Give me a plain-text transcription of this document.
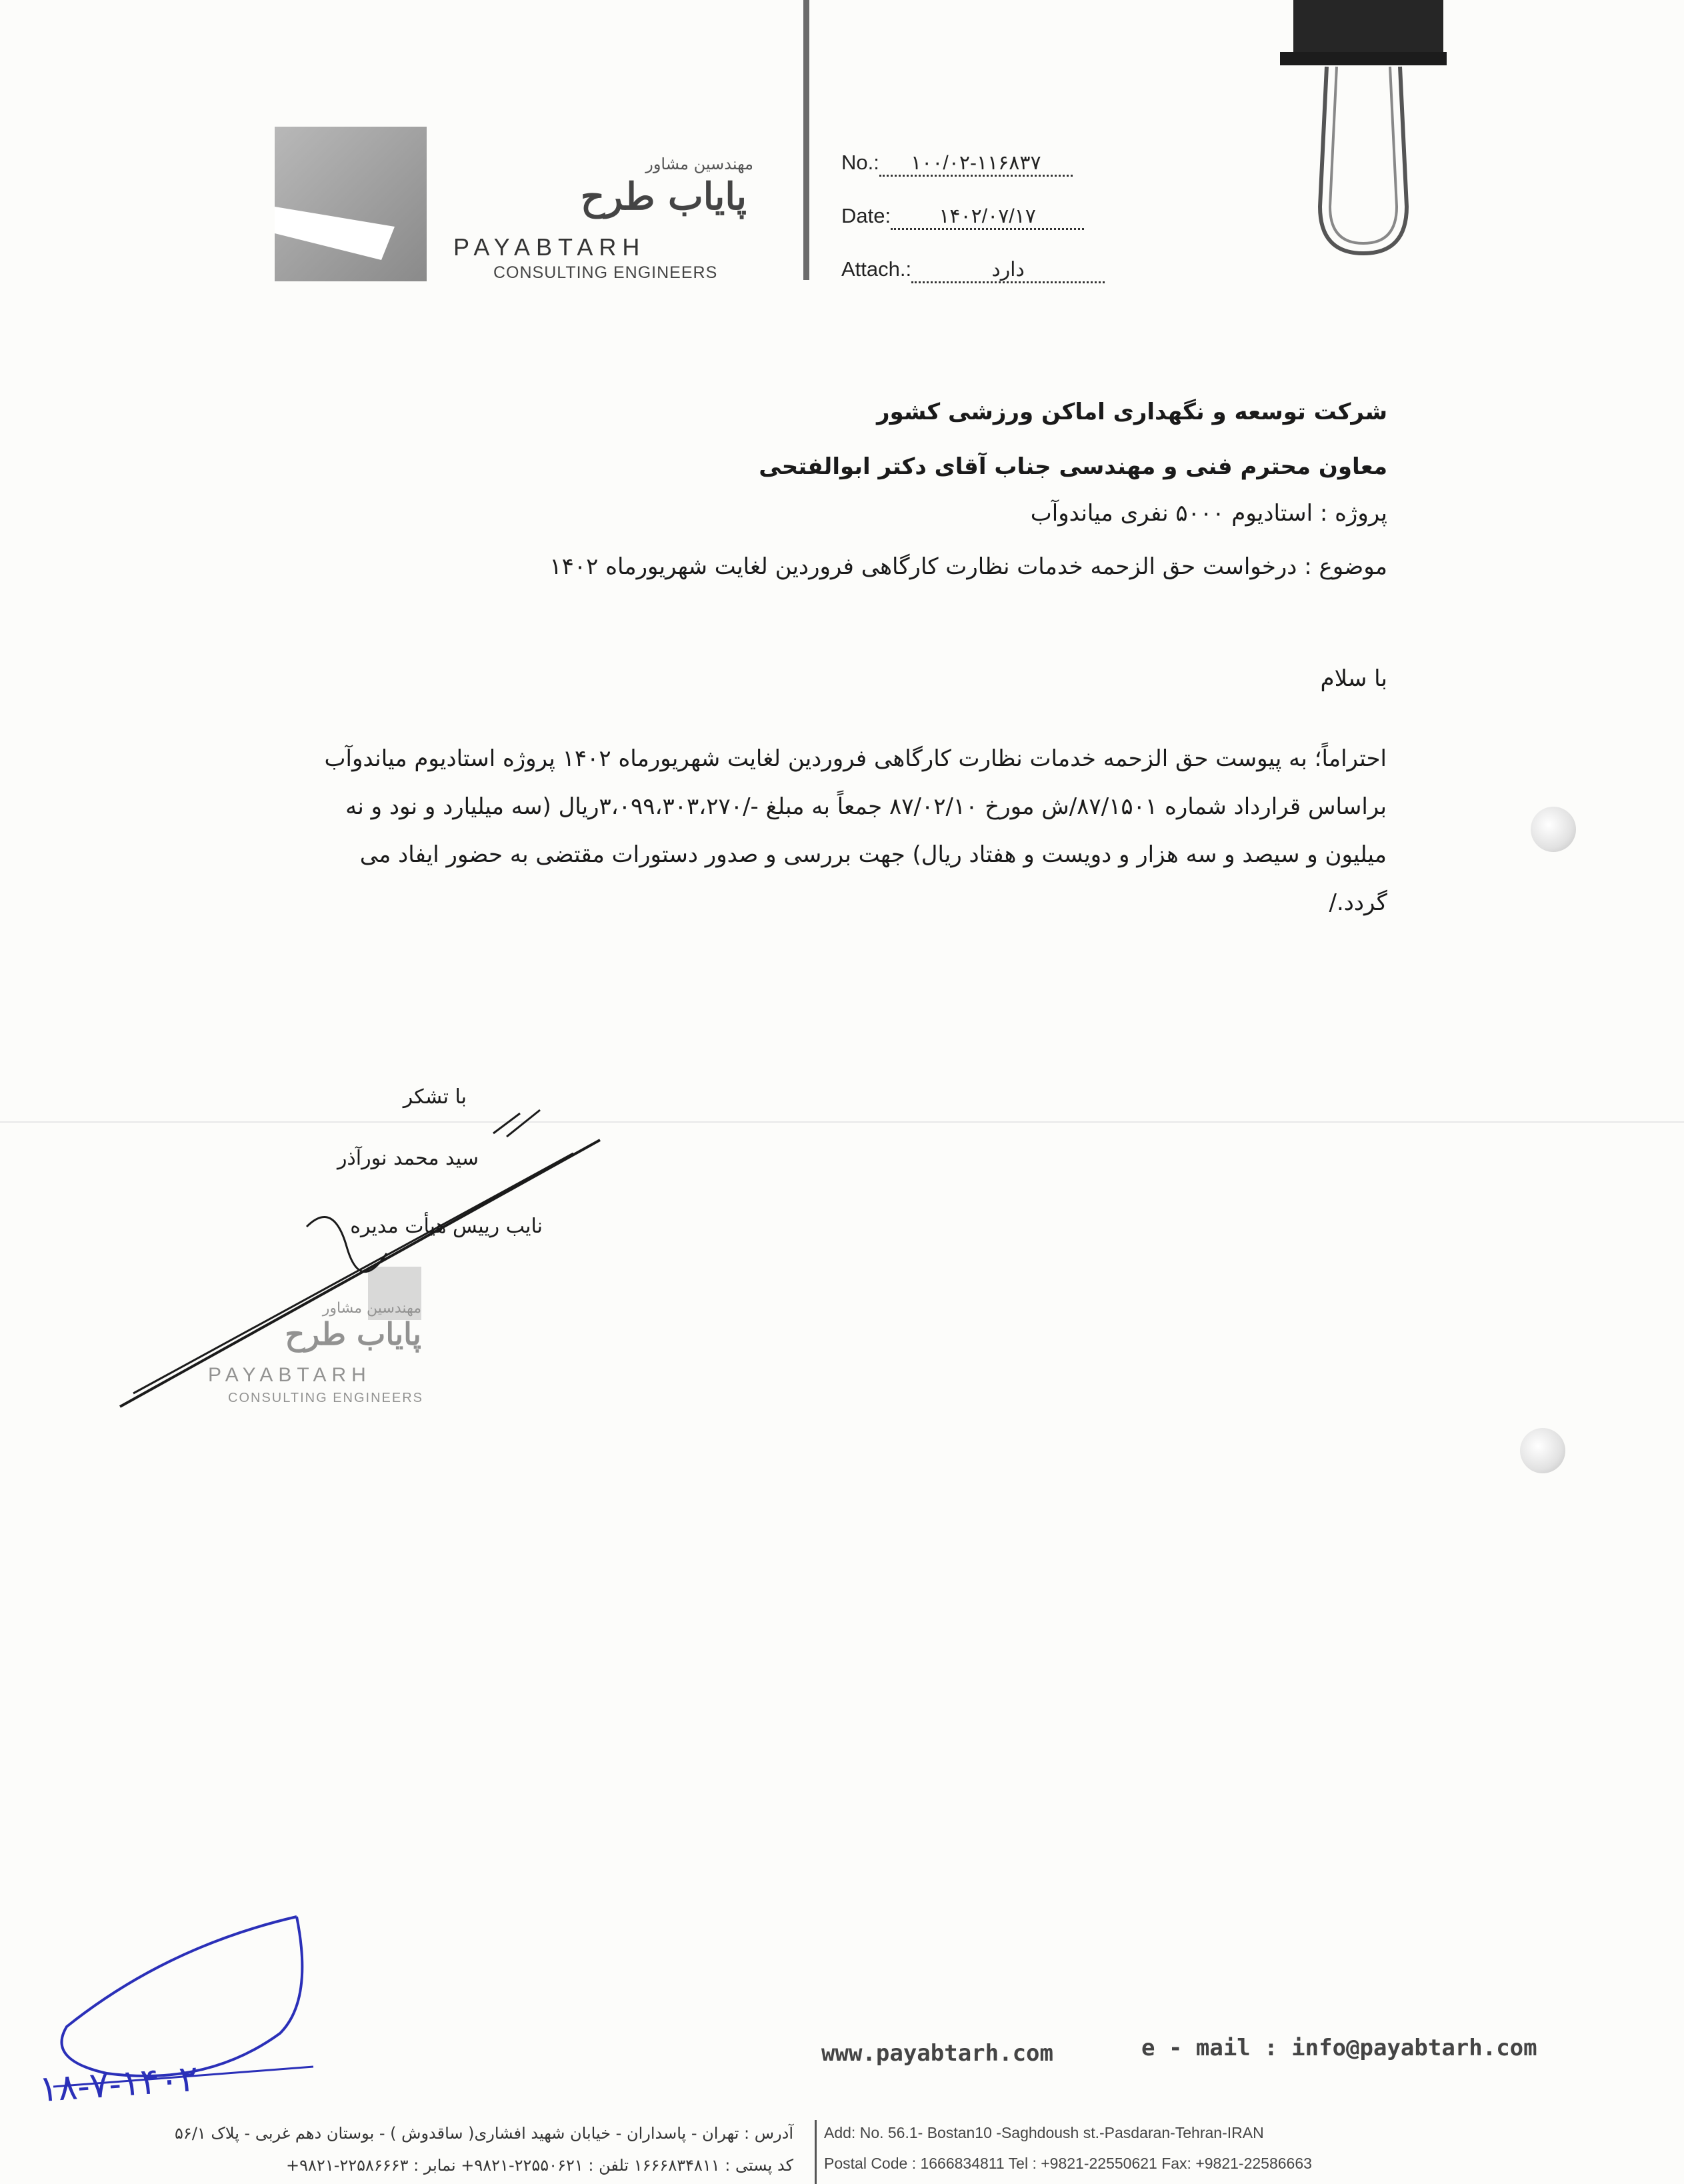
مهندسین مشاور
پایاب طرح
PAYABTARH
CONSULTING ENGINEERS
No.: ۱۰۰/۰۲-۱۱۶۸۳۷
Date: ۱۴۰۲/۰۷/۱۷
Attach.:	دارد
شرکت توسعه و نگهداری اماکن ورزشی کشور
معاون محترم فنی و مهندسی جناب آقای دکتر ابوالفتحی
پروژه : استادیوم ۵۰۰۰ نفری میاندوآب
موضوع : درخواست حق الزحمه خدمات نظارت کارگاهی فروردین لغایت شهریورماه ۱۴۰۲
با سلام
احتراماً؛ به پیوست حق الزحمه خدمات نظارت کارگاهی فروردین لغایت شهریورماه ۱۴۰۲ پروژه استادیوم میاندوآب
براساس قرارداد شماره ۸۷/۱۵۰۱/ش مورخ ۸۷/۰۲/۱۰ جمعاً به مبلغ -/۳،۰۹۹،۳۰۳،۲۷۰ریال (سه میلیارد و نود و نه
میلیون و سیصد و سه هزار و دویست و هفتاد ریال) جهت بررسی و صدور دستورات مقتضی به حضور ایفاد می
گردد./
با تشکر
سید محمد نورآذر
نایب رییس هیأت مدیره
مهندسین مشاور
پایاب طرح
PAYABTARH
CONSULTING ENGINEERS
۱۸-۷-۱۴۰۲
www.payabtarh.com	e - mail : info@payabtarh.com
Add: No. 56.1- Bostan10 -Saghdoush st.-Pasdaran-Tehran-IRAN
Postal Code : 1666834811 Tel : +9821-22550621 Fax: +9821-22586663
آدرس : تهران - پاسداران - خیابان شهید افشاری( ساقدوش ) - بوستان دهم غربی - پلاک ۵۶/۱
کد پستی : ۱۶۶۶۸۳۴۸۱۱ تلفن : ۲۲۵۵۰۶۲۱-۹۸۲۱+ نمابر : ۲۲۵۸۶۶۶۳-۹۸۲۱+
